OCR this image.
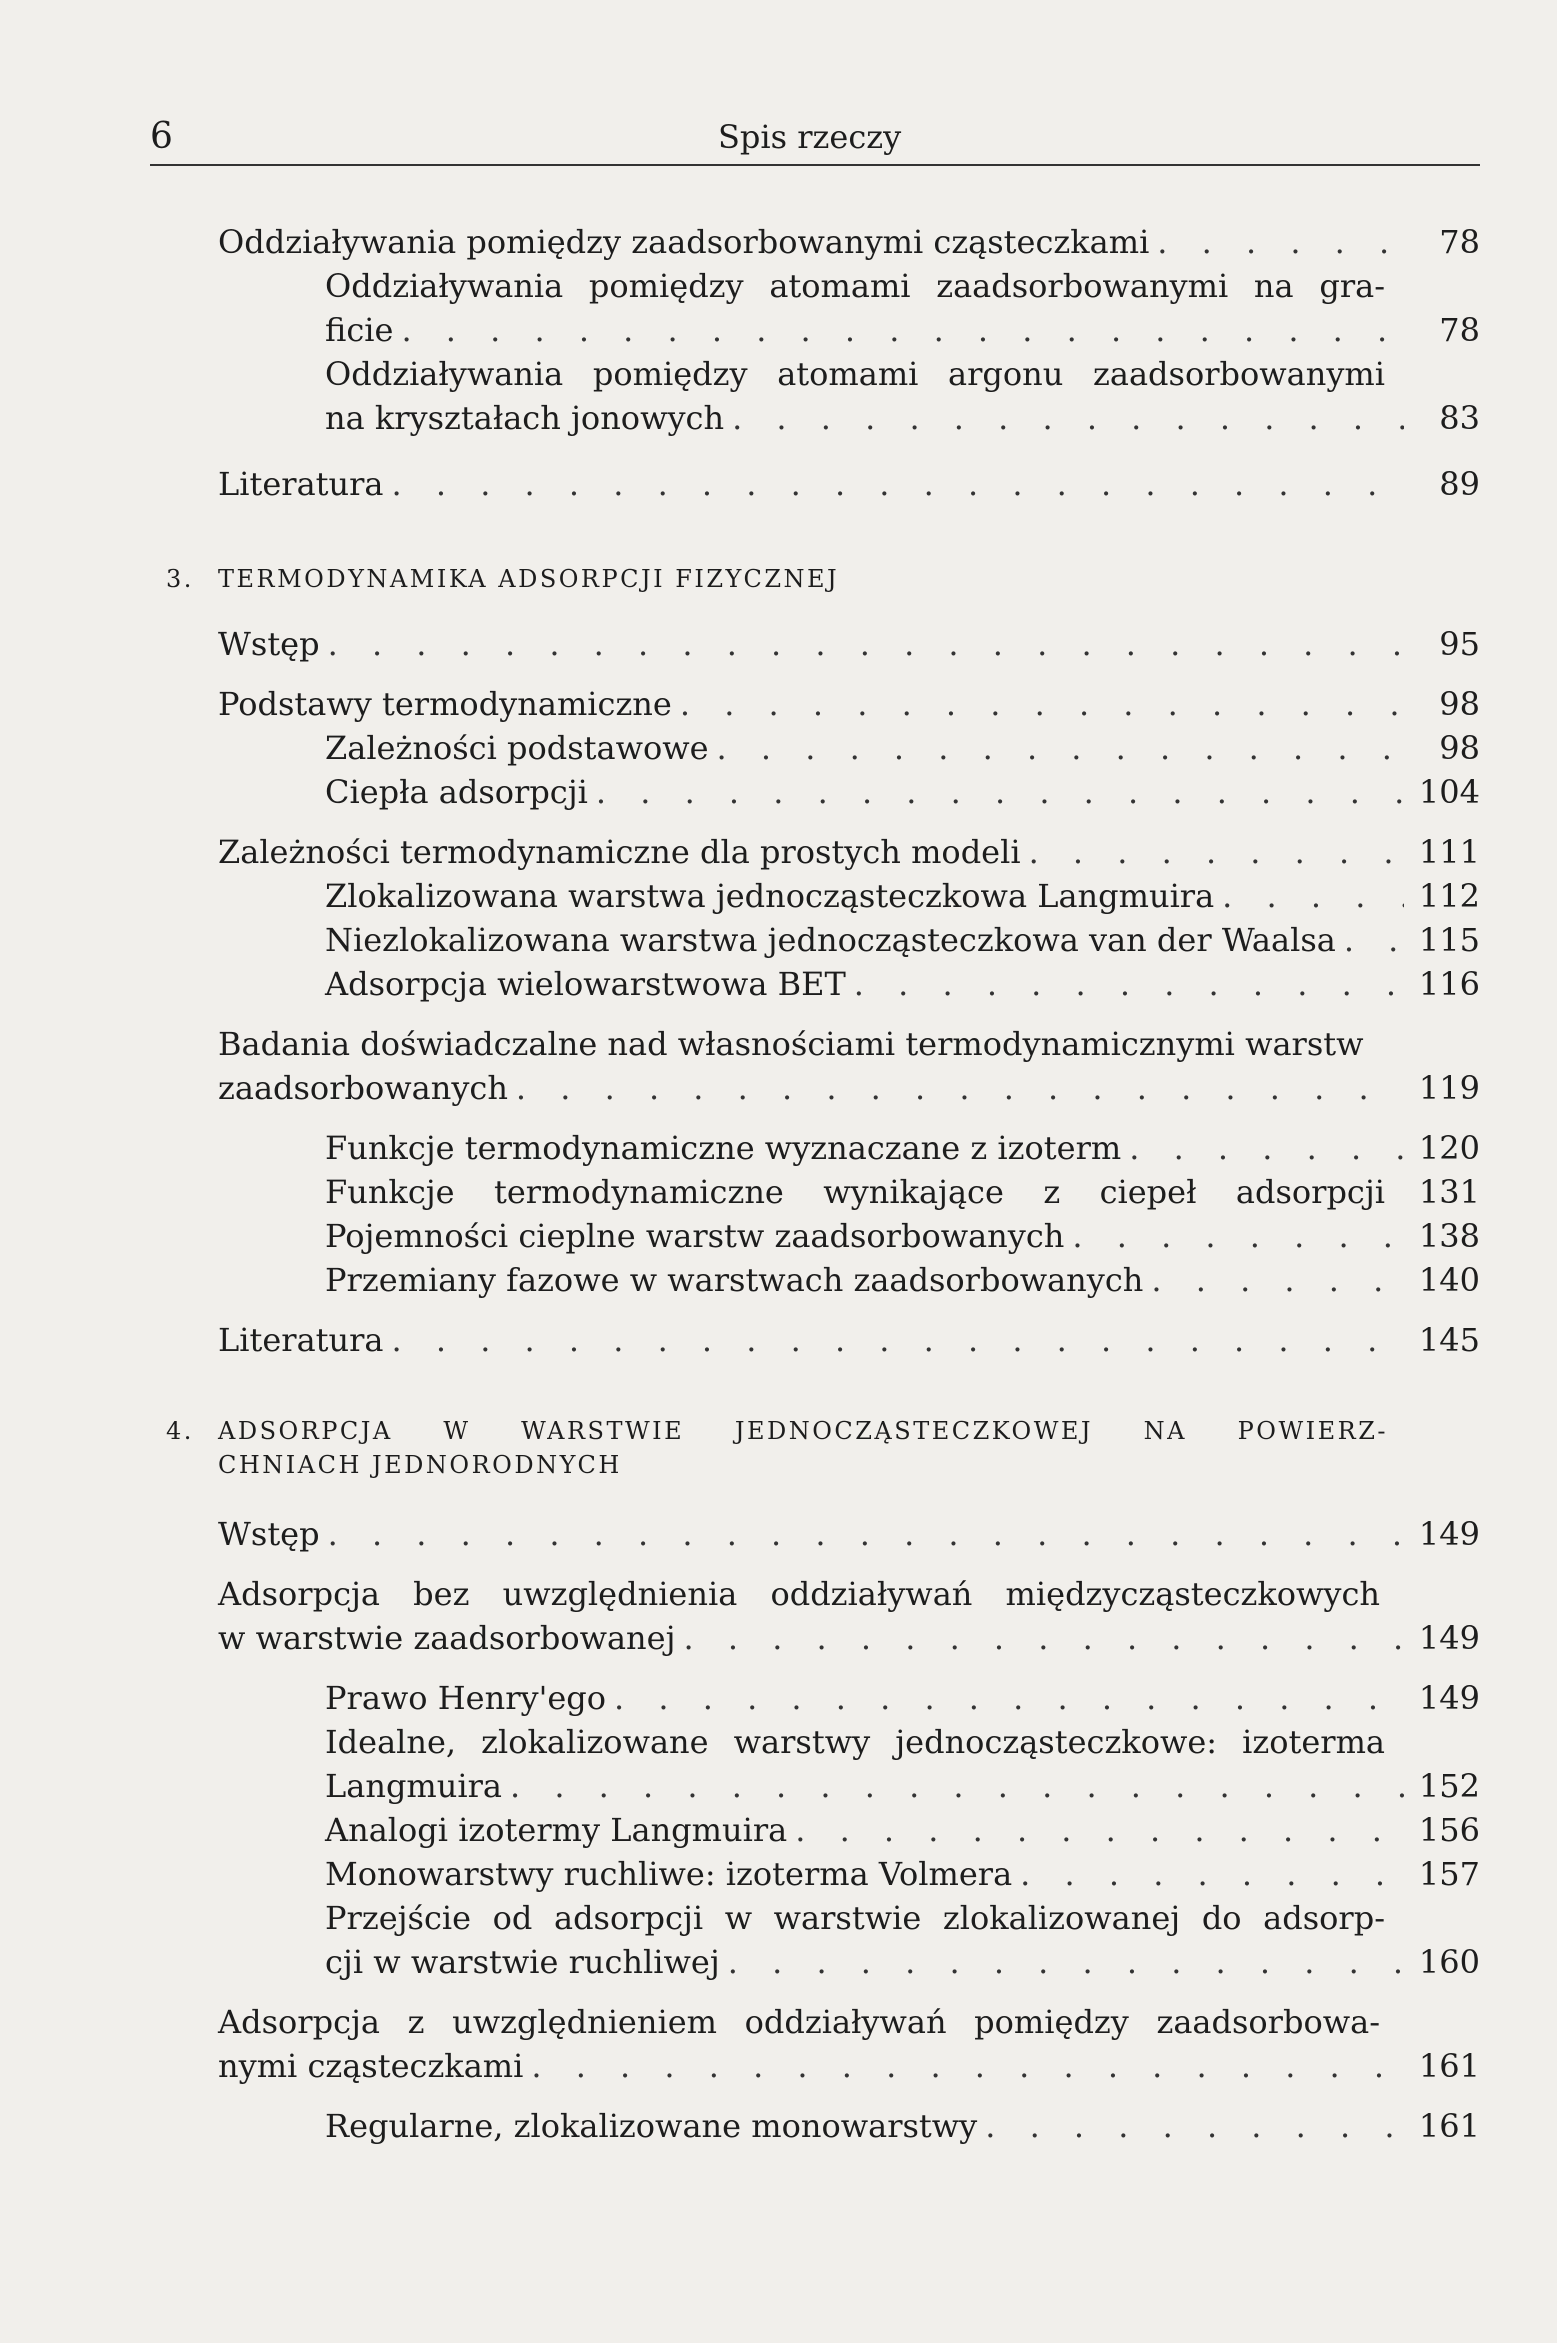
6	Spis rzeczy
Oddziaływania pomiędzy zaadsorbowanymi cząsteczkami . . .	78
Oddziaływania pomiędzy atomami zaadsorbowanymi na gra-
ficie . . .	78
Oddziaływania pomiędzy atomami argonu zaadsorbowanymi
na kryształach jonowych . . .	83
Literatura . . .	89
3. TERMODYNAMIKA ADSORPCJI FIZYCZNEJ
Wstęp . . .	95
Podstawy termodynamiczne . . .	98
Zależności podstawowe . . .	98
Ciepła adsorpcji . . .	104
Zależności termodynamiczne dla prostych modeli . . .	111
Zlokalizowana warstwa jednocząsteczkowa Langmuira . . .	112
Niezlokalizowana warstwa jednocząsteczkowa van der Waalsa . . .	115
Adsorpcja wielowarstwowa BET . . .	116
Badania doświadczalne nad własnościami termodynamicznymi warstw
zaadsorbowanych . . .	119
Funkcje termodynamiczne wyznaczane z izoterm . . .	120
Funkcje termodynamiczne wynikające z ciepeł adsorpcji 131
Pojemności cieplne warstw zaadsorbowanych . . .	138
Przemiany fazowe w warstwach zaadsorbowanych . . .	140
Literatura . . .	145
4. ADSORPCJA W WARSTWIE JEDNOCZĄSTECZKOWEJ NA POWIERZ-
CHNIACH JEDNORODNYCH
Wstęp . . .	149
Adsorpcja bez uwzględnienia oddziaływań międzycząsteczkowych
w warstwie zaadsorbowanej . . .	149
Prawo Henry'ego . . .	149
Idealne, zlokalizowane warstwy jednocząsteczkowe: izoterma
Langmuira . . .	152
Analogi izotermy Langmuira . . .	156
Monowarstwy ruchliwe: izoterma Volmera . . .	157
Przejście od adsorpcji w warstwie zlokalizowanej do adsorp-
cji w warstwie ruchliwej . . .	160
Adsorpcja z uwzględnieniem oddziaływań pomiędzy zaadsorbowa-
nymi cząsteczkami . . .	161
Regularne, zlokalizowane monowarstwy . . .	161
